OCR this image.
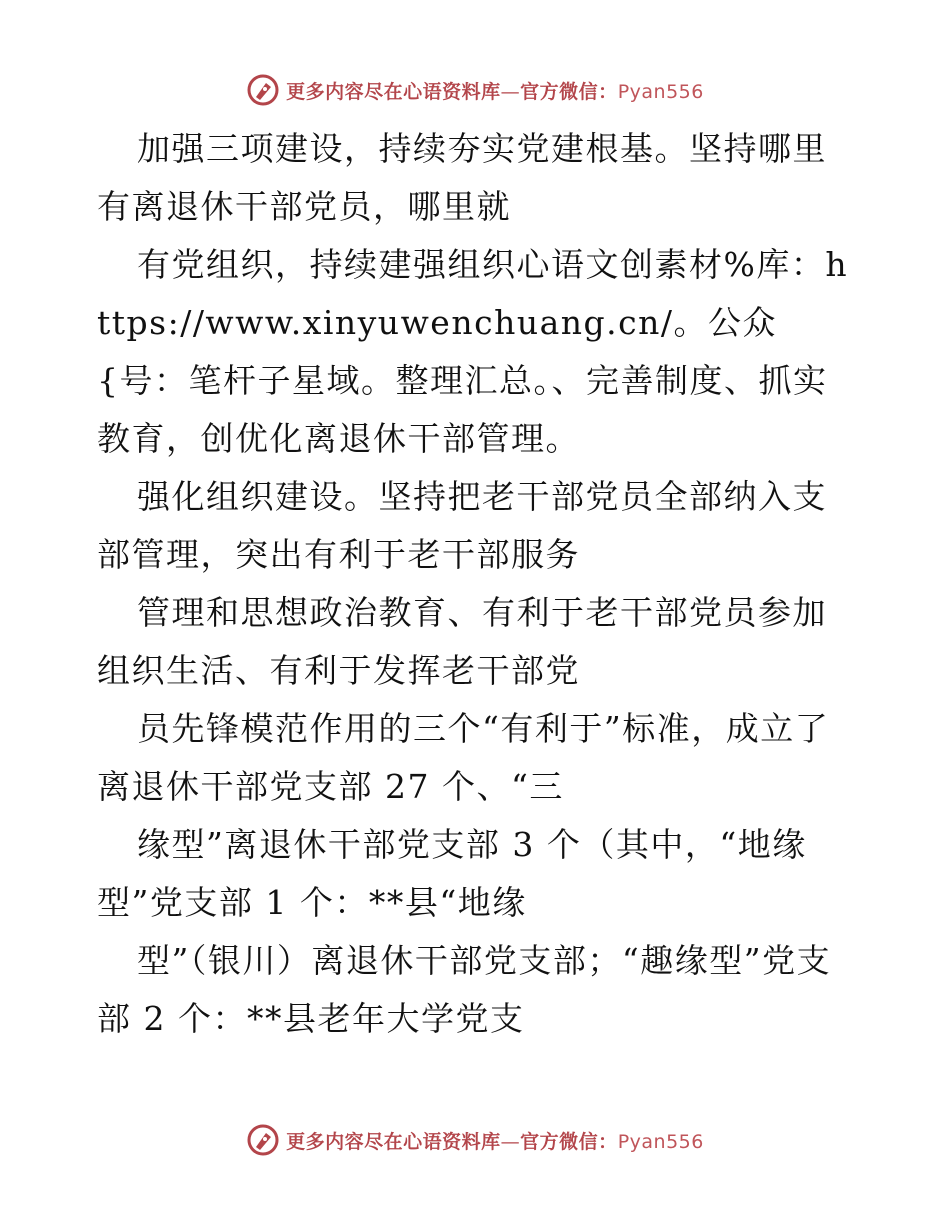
更多内容尽在心语资料库—官方微信：Pyan556

加强三项建设，持续夯实党建根基。坚持哪里有离退休干部党员，哪里就

有党组织，持续建强组织心语文创素材%库：https://www.xinyuwenchuang.cn/。公众{号：笔杆子星域。整理汇总。、完善制度、抓实教育，创优化离退休干部管理。

强化组织建设。坚持把老干部党员全部纳入支部管理，突出有利于老干部服务

管理和思想政治教育、有利于老干部党员参加组织生活、有利于发挥老干部党

员先锋模范作用的三个“有利于”标准，成立了离退休干部党支部 27 个、“三

缘型”离退休干部党支部 3 个（其中，“地缘型”党支部 1 个：**县“地缘

型”（银川）离退休干部党支部；“趣缘型”党支部 2 个：**县老年大学党支

更多内容尽在心语资料库—官方微信：Pyan556
